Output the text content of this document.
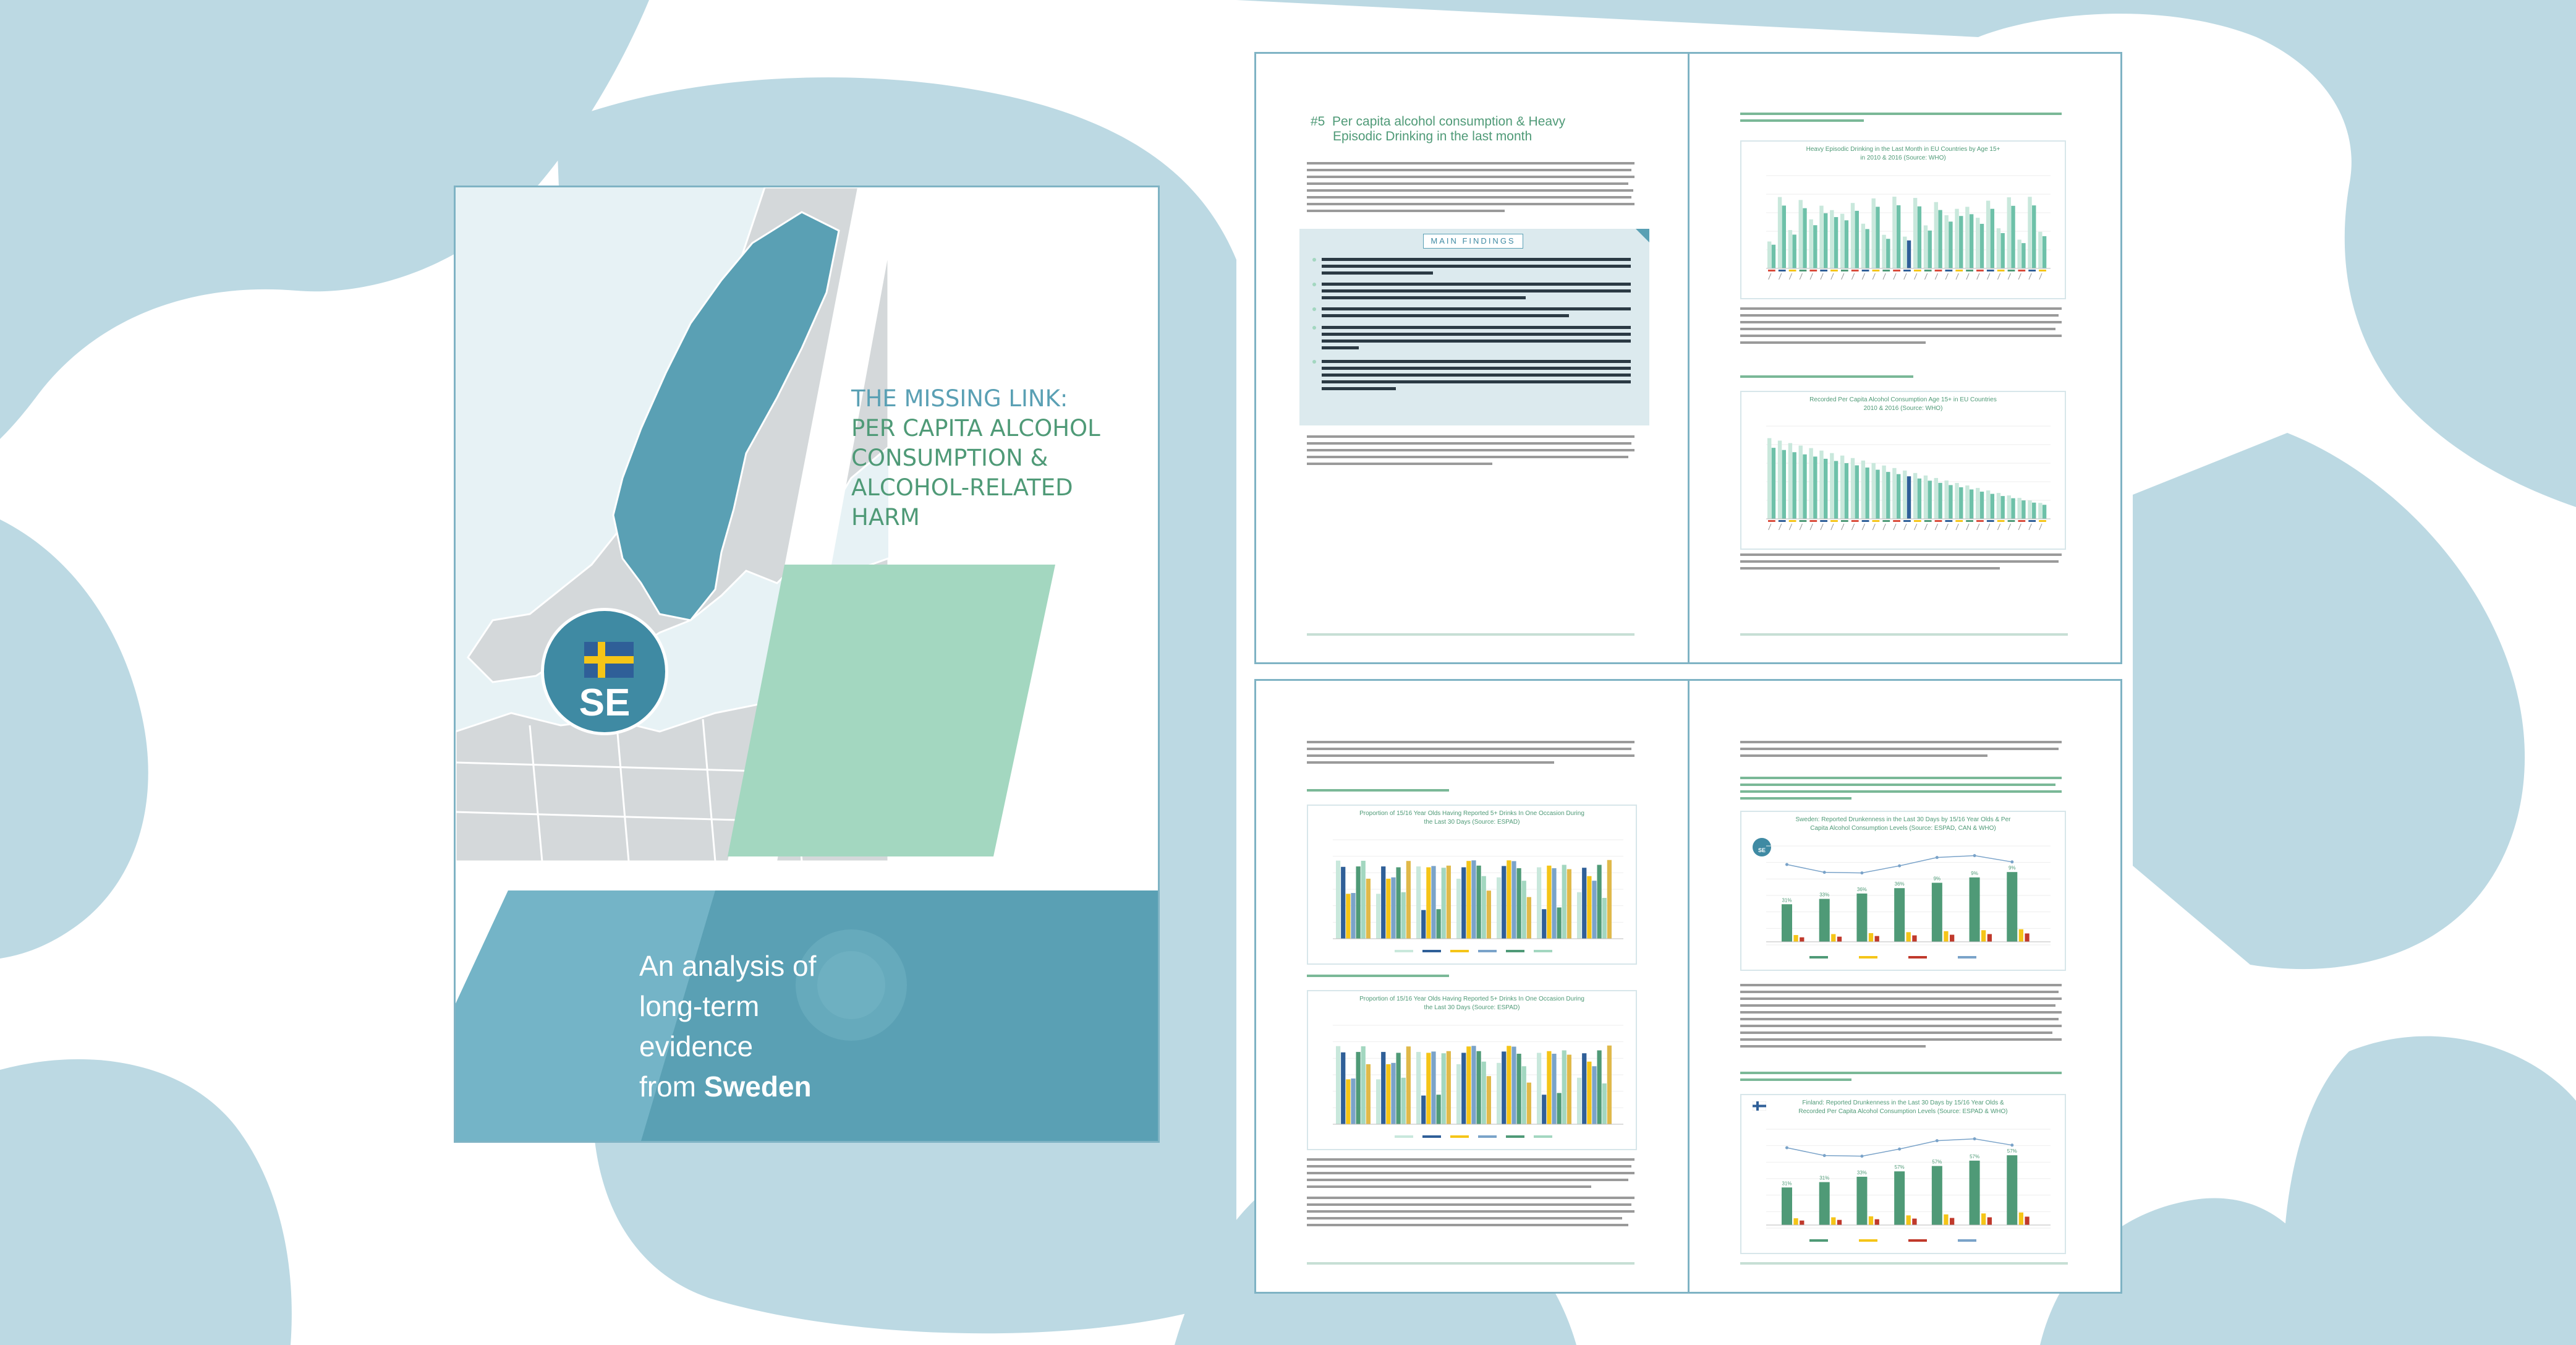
SE
THE MISSING LINK:
PER CAPITA ALCOHOL
CONSUMPTION &
ALCOHOL-RELATED HARM
An analysis of
long-term
evidence
from Sweden
#5 Per capita alcohol consumption & Heavy
Episodic Drinking in the last month
MAIN FINDINGS
Heavy Episodic Drinking in the Last Month in EU Countries by Age 15+
in 2010 & 2016 (Source: WHO)
Recorded Per Capita Alcohol Consumption Age 15+ in EU Countries
2010 & 2016 (Source: WHO)
Proportion of 15/16 Year Olds Having Reported 5+ Drinks In One Occasion During
the Last 30 Days (Source: ESPAD)
Proportion of 15/16 Year Olds Having Reported 5+ Drinks In One Occasion During
the Last 30 Days (Source: ESPAD)
Sweden: Reported Drunkenness in the Last 30 Days by 15/16 Year Olds & Per
Capita Alcohol Consumption Levels (Source: ESPAD, CAN & WHO)
SE
31%
33%
36%
36%
9%
9%
9%
Finland: Reported Drunkenness in the Last 30 Days by 15/16 Year Olds &
Recorded Per Capita Alcohol Consumption Levels (Source: ESPAD & WHO)
31%
31%
33%
57%
57%
57%
57%
